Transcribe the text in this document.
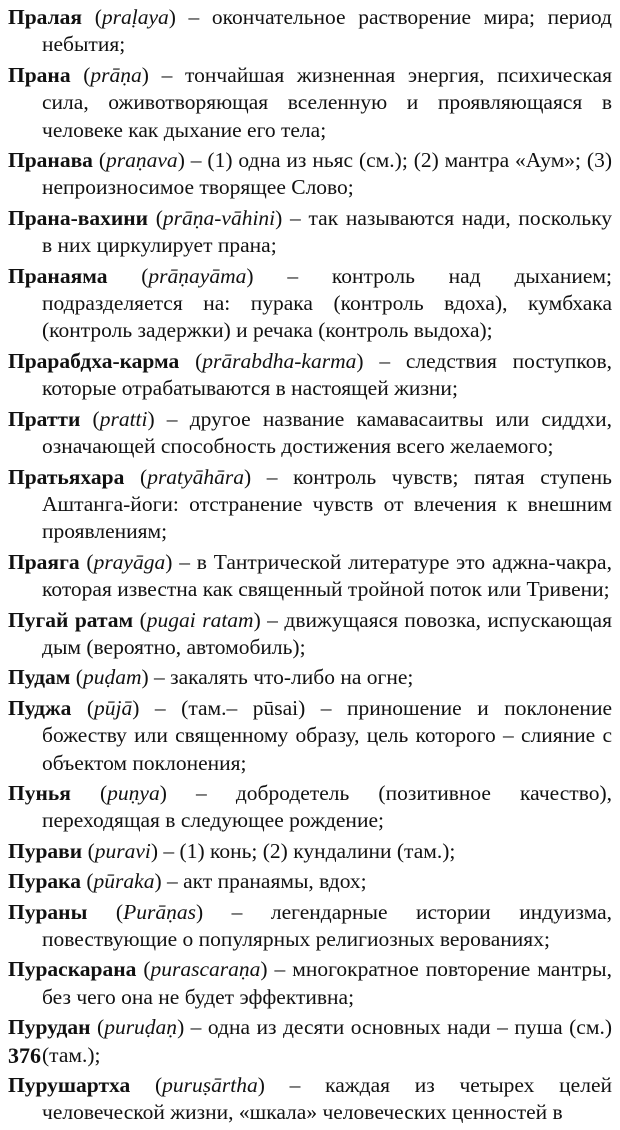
Пралая (praḷaya) – окончательное растворение мира; период небытия;

Прана (prāṇa) – тончайшая жизненная энергия, психическая сила, оживотворяющая вселенную и проявляющаяся в человеке как дыхание его тела;

Пранава (praṇava) – (1) одна из ньяс (см.); (2) мантра «Аум»; (3) непроизносимое творящее Слово;

Прана-вахини (prāṇa-vāhini) – так называются нади, поскольку в них циркулирует прана;

Пранаяма (prāṇayāma) – контроль над дыханием; подразделяется на: пурака (контроль вдоха), кумбхака (контроль задержки) и речака (контроль выдоха);

Прарабдха-карма (prārabdha-karma) – следствия поступков, которые отрабатываются в настоящей жизни;

Пратти (pratti) – другое название камавасаитвы или сиддхи, означающей способность достижения всего желаемого;

Пратьяхара (pratyāhāra) – контроль чувств; пятая ступень Аштанга-йоги: отстранение чувств от влечения к внешним проявлениям;

Праяга (prayāga) – в Тантрической литературе это аджна-чакра, которая известна как священный тройной поток или Тривени;

Пугай ратам (pugai ratam) – движущаяся повозка, испускающая дым (вероятно, автомобиль);

Пудам (puḍam) – закалять что-либо на огне;

Пуджа (pūjā) – (там.– pūsai) – приношение и поклонение божеству или священному образу, цель которого – слияние с объектом поклонения;

Пунья (puṇya) – добродетель (позитивное качество), переходящая в следующее рождение;

Пурави (puravi) – (1) конь; (2) кундалини (там.);

Пурака (pūraka) – акт пранаямы, вдох;

Пураны (Purāṇas) – легендарные истории индуизма, повествующие о популярных религиозных верованиях;

Пураскарана (purascaraṇa) – многократное повторение мантры, без чего она не будет эффективна;

Пурудан (puruḍaṇ) – одна из десяти основных нади – пуша (см.) (там.);

Пурушартха (puruṣārtha) – каждая из четырех целей человеческой жизни, «шкала» человеческих ценностей в

376
